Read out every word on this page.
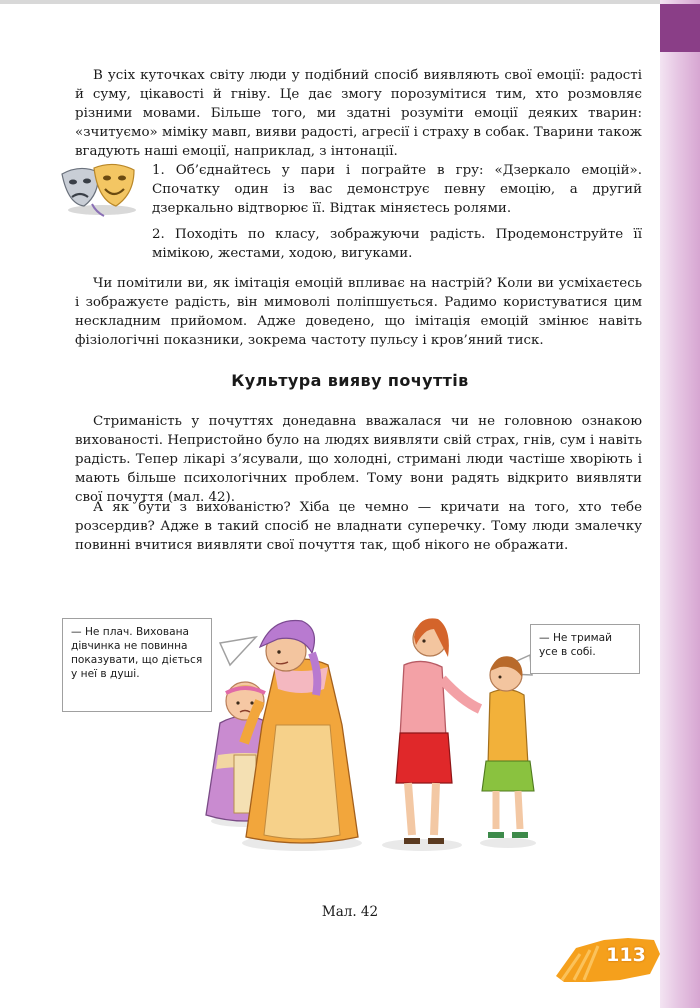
В усіх куточках світу люди у подібний спосіб виявляють свої емоції: радості й суму, цікавості й гніву. Це дає змогу порозумітися тим, хто розмовляє різними мовами. Більше того, ми здатні розуміти емоції деяких тварин: «зчитуємо» міміку мавп, вияви радості, агресії і страху в собак. Тварини також вгадують наші емоції, наприклад, з інтонації.

1. Об’єднайтесь у пари і пограйте в гру: «Дзеркало емоцій». Спочатку один із вас демонструє певну емоцію, а другий дзеркально відтворює її. Відтак міняєтесь ролями.

2. Походіть по класу, зображуючи радість. Продемонструйте її мімікою, жестами, ходою, вигуками.

Чи помітили ви, як імітація емоцій впливає на настрій? Коли ви усміхаєтесь і зображуєте радість, він мимоволі поліпшується. Радимо користуватися цим нескладним прийомом. Адже доведено, що імітація емоцій змінює навіть фізіологічні показники, зокрема частоту пульсу і кров’яний тиск.

Культура вияву почуттів

Стриманість у почуттях донедавна вважалася чи не головною ознакою вихованості. Непристойно було на людях виявляти свій страх, гнів, сум і навіть радість. Тепер лікарі з’ясували, що холодні, стримані люди частіше хворіють і мають більше психологічних проблем. Тому вони радять відкрито виявляти свої почуття (мал. 42).

А як бути з вихованістю? Хіба це чемно — кричати на того, хто тебе розсердив? Адже в такий спосіб не владнати суперечку. Тому люди змалечку повинні вчитися виявляти свої почуття так, щоб нікого не ображати.

— Не плач. Вихована дівчинка не повинна показувати, що діється у неї в душі.
— Не тримай усе в собі.

Мал. 42

113
